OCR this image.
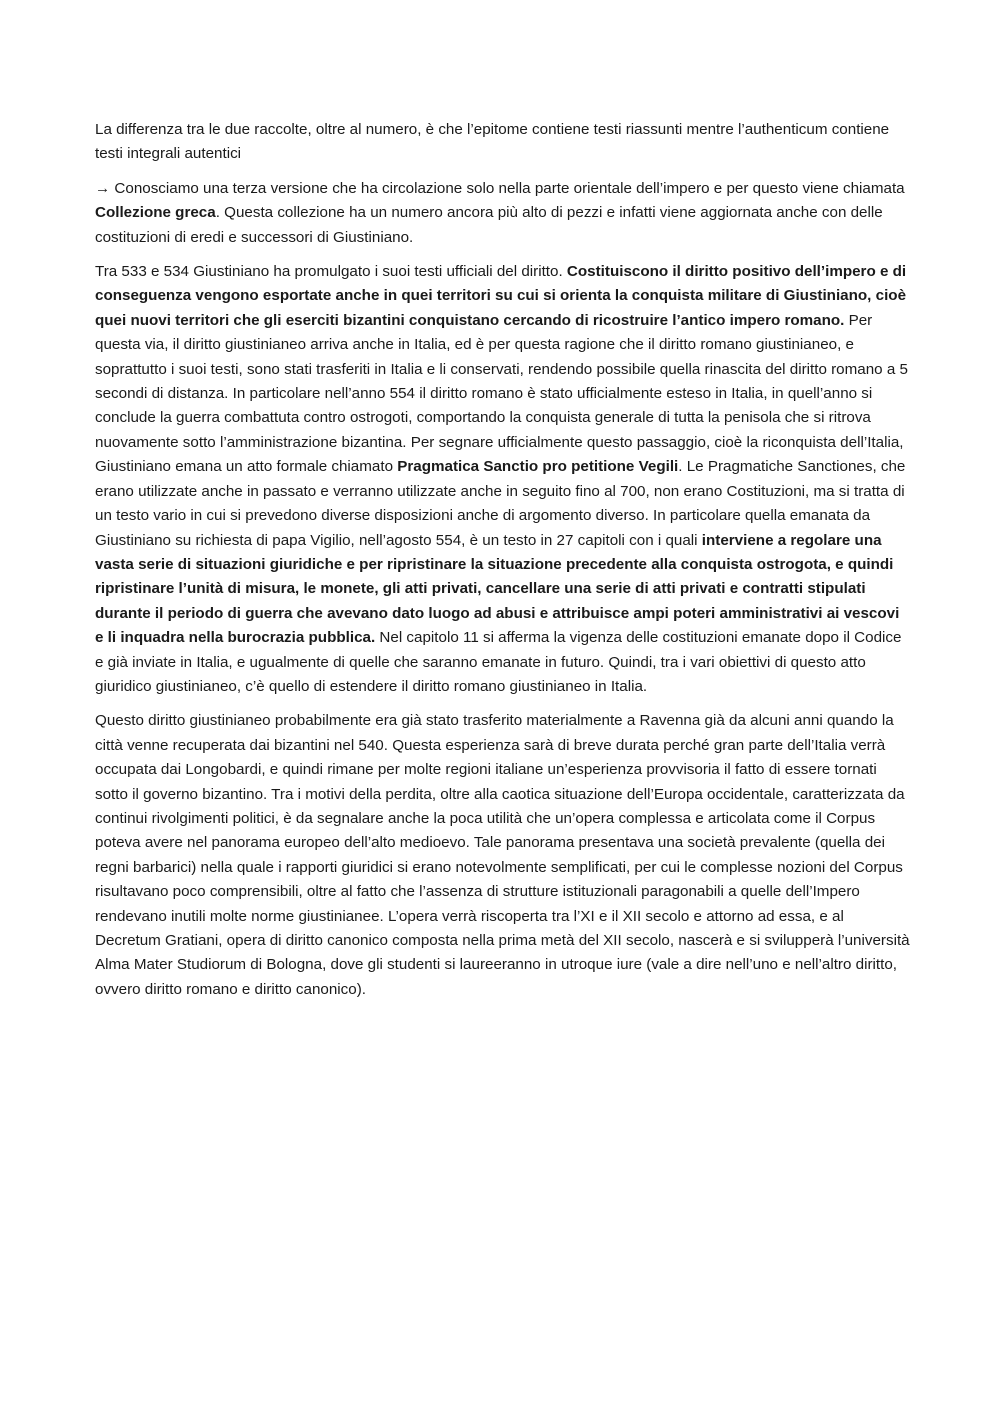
La differenza tra le due raccolte, oltre al numero, è che l’epitome contiene testi riassunti mentre l’authenticum contiene testi integrali autentici

→ Conosciamo una terza versione che ha circolazione solo nella parte orientale dell’impero e per questo viene chiamata Collezione greca. Questa collezione ha un numero ancora più alto di pezzi e infatti viene aggiornata anche con delle costituzioni di eredi e successori di Giustiniano.

Tra 533 e 534 Giustiniano ha promulgato i suoi testi ufficiali del diritto. Costituiscono il diritto positivo dell’impero e di conseguenza vengono esportate anche in quei territori su cui si orienta la conquista militare di Giustiniano, cioè quei nuovi territori che gli eserciti bizantini conquistano cercando di ricostruire l’antico impero romano. Per questa via, il diritto giustinianeo arriva anche in Italia, ed è per questa ragione che il diritto romano giustinianeo, e soprattutto i suoi testi, sono stati trasferiti in Italia e li conservati, rendendo possibile quella rinascita del diritto romano a 5 secondi di distanza. In particolare nell’anno 554 il diritto romano è stato ufficialmente esteso in Italia, in quell’anno si conclude la guerra combattuta contro ostrogoti, comportando la conquista generale di tutta la penisola che si ritrova nuovamente sotto l’amministrazione bizantina. Per segnare ufficialmente questo passaggio, cioè la riconquista dell’Italia, Giustiniano emana un atto formale chiamato Pragmatica Sanctio pro petitione Vegili. Le Pragmatiche Sanctiones, che erano utilizzate anche in passato e verranno utilizzate anche in seguito fino al 700, non erano Costituzioni, ma si tratta di un testo vario in cui si prevedono diverse disposizioni anche di argomento diverso. In particolare quella emanata da Giustiniano su richiesta di papa Vigilio, nell’agosto 554, è un testo in 27 capitoli con i quali interviene a regolare una vasta serie di situazioni giuridiche e per ripristinare la situazione precedente alla conquista ostrogota, e quindi ripristinare l’unità di misura, le monete, gli atti privati, cancellare una serie di atti privati e contratti stipulati durante il periodo di guerra che avevano dato luogo ad abusi e attribuisce ampi poteri amministrativi ai vescovi e li inquadra nella burocrazia pubblica. Nel capitolo 11 si afferma la vigenza delle costituzioni emanate dopo il Codice e già inviate in Italia, e ugualmente di quelle che saranno emanate in futuro. Quindi, tra i vari obiettivi di questo atto giuridico giustinianeo, c’è quello di estendere il diritto romano giustinianeo in Italia.

Questo diritto giustinianeo probabilmente era già stato trasferito materialmente a Ravenna già da alcuni anni quando la città venne recuperata dai bizantini nel 540. Questa esperienza sarà di breve durata perché gran parte dell’Italia verrà occupata dai Longobardi, e quindi rimane per molte regioni italiane un’esperienza provvisoria il fatto di essere tornati sotto il governo bizantino. Tra i motivi della perdita, oltre alla caotica situazione dell’Europa occidentale, caratterizzata da continui rivolgimenti politici, è da segnalare anche la poca utilità che un’opera complessa e articolata come il Corpus poteva avere nel panorama europeo dell’alto medioevo. Tale panorama presentava una società prevalente (quella dei regni barbarici) nella quale i rapporti giuridici si erano notevolmente semplificati, per cui le complesse nozioni del Corpus risultavano poco comprensibili, oltre al fatto che l’assenza di strutture istituzionali paragonabili a quelle dell’Impero rendevano inutili molte norme giustinianee. L’opera verrà riscoperta tra l’XI e il XII secolo e attorno ad essa, e al Decretum Gratiani, opera di diritto canonico composta nella prima metà del XII secolo, nascerà e si svilupperà l’università Alma Mater Studiorum di Bologna, dove gli studenti si laureeranno in utroque iure (vale a dire nell’uno e nell’altro diritto, ovvero diritto romano e diritto canonico).
